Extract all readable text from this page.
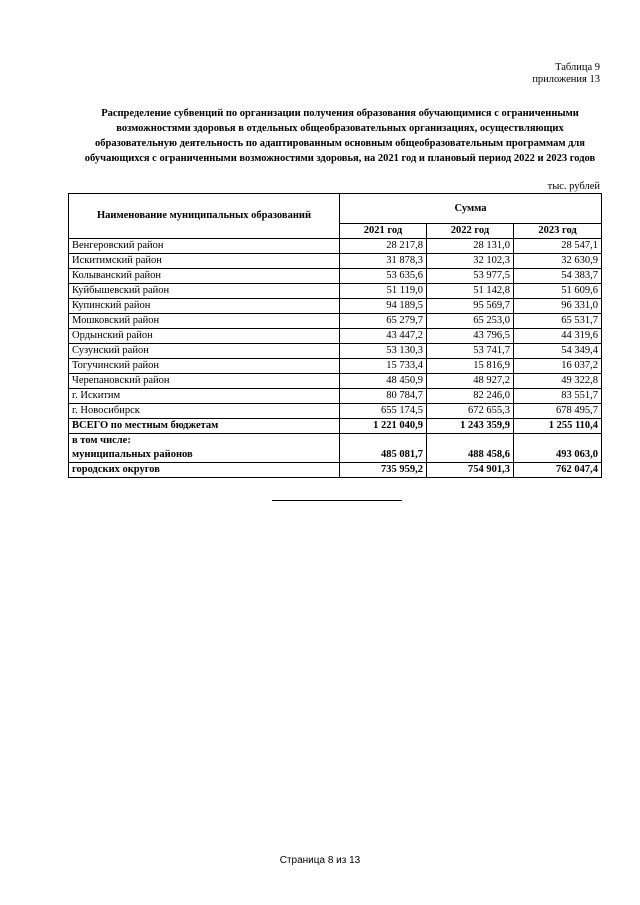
Таблица 9
приложения 13
Распределение субвенций по организации получения образования обучающимися с ограниченными возможностями здоровья в отдельных общеобразовательных организациях, осуществляющих образовательную деятельность по адаптированным основным общеобразовательным программам для обучающихся с ограниченными возможностями здоровья, на 2021 год и плановый период 2022 и 2023 годов
тыс. рублей
Наименование муниципальных образований	Сумма		
	2021 год	2022 год	2023 год
Венгеровский район	28 217,8	28 131,0	28 547,1
Искитимский район	31 878,3	32 102,3	32 630,9
Колыванский район	53 635,6	53 977,5	54 383,7
Куйбышевский район	51 119,0	51 142,8	51 609,6
Купинский район	94 189,5	95 569,7	96 331,0
Мошковский район	65 279,7	65 253,0	65 531,7
Ордынский район	43 447,2	43 796,5	44 319,6
Сузунский район	53 130,3	53 741,7	54 349,4
Тогучинский район	15 733,4	15 816,9	16 037,2
Черепановский район	48 450,9	48 927,2	49 322,8
г. Искитим	80 784,7	82 246,0	83 551,7
г. Новосибирск	655 174,5	672 655,3	678 495,7
ВСЕГО по местным бюджетам	1 221 040,9	1 243 359,9	1 255 110,4
в том числе:			
муниципальных районов	485 081,7	488 458,6	493 063,0
городских округов	735 959,2	754 901,3	762 047,4
Страница 8 из 13
